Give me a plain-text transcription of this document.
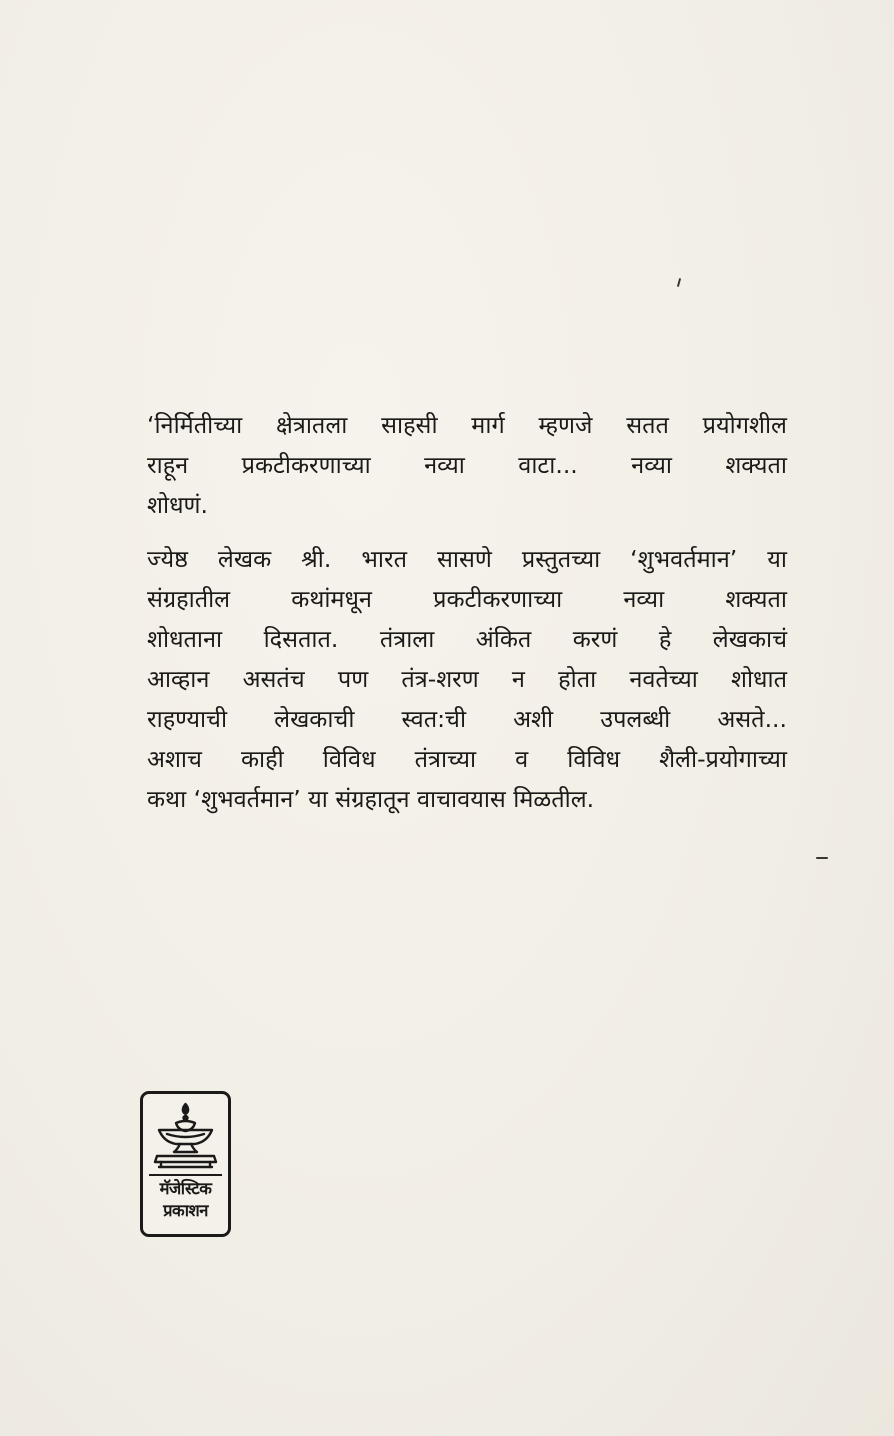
‘निर्मितीच्या क्षेत्रातला साहसी मार्ग म्हणजे सतत प्रयोगशील
राहून प्रकटीकरणाच्या नव्या वाटा... नव्या शक्यता
शोधणं.

ज्येष्ठ लेखक श्री. भारत सासणे प्रस्तुतच्या ‘शुभवर्तमान’ या
संग्रहातील कथांमधून प्रकटीकरणाच्या नव्या शक्यता
शोधताना दिसतात. तंत्राला अंकित करणं हे लेखकाचं
आव्हान असतंच पण तंत्र-शरण न होता नवतेच्या शोधात
राहण्याची लेखकाची स्वत:ची अशी उपलब्धी असते...
अशाच काही विविध तंत्राच्या व विविध शैली-प्रयोगाच्या
कथा ‘शुभवर्तमान’ या संग्रहातून वाचावयास मिळतील.

मॅजेस्टिक
प्रकाशन
